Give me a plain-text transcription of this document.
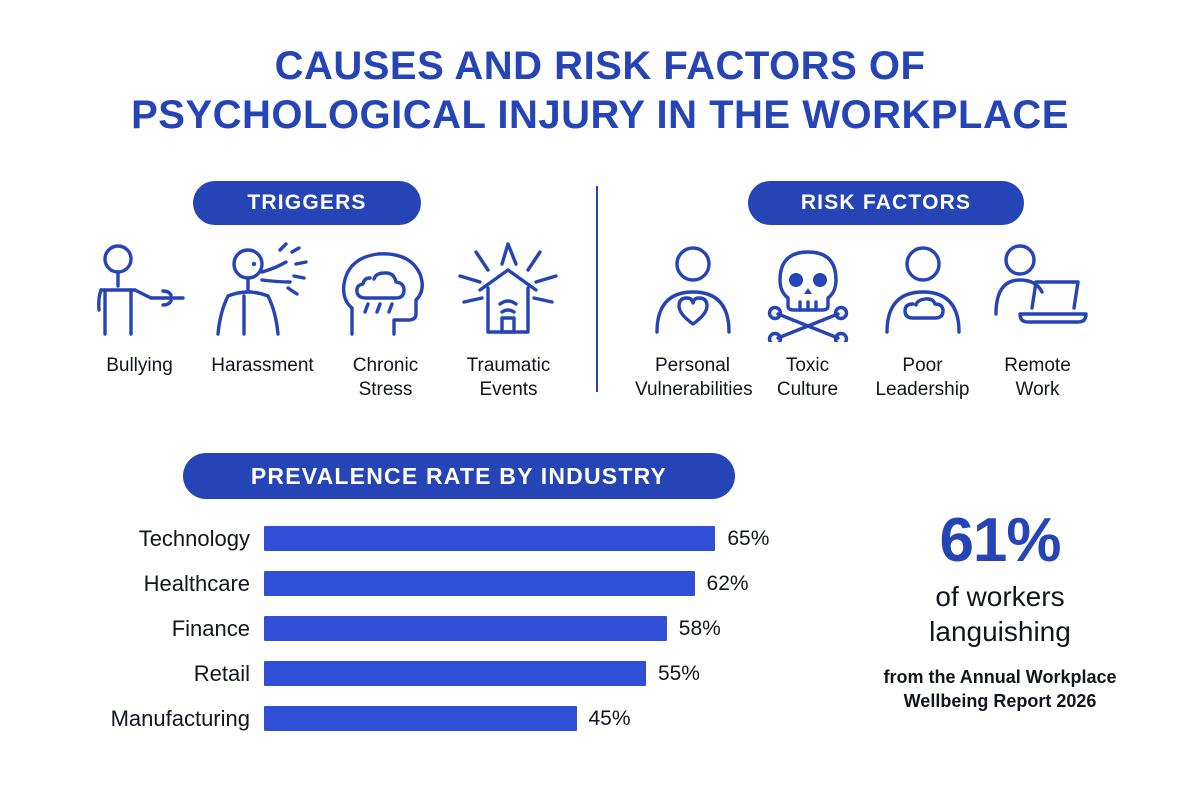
CAUSES AND RISK FACTORS OF
PSYCHOLOGICAL INJURY IN THE WORKPLACE
TRIGGERS
Bullying	Harassment	Chronic
Stress
Traumatic
Events
RISK FACTORS
Personal
Vulnerabilities
Toxic
Culture
Poor
Leadership
Remote
Work
PREVALENCE RATE BY INDUSTRY
Technology	65%
Healthcare	62%
Finance	58%
Retail	55%
Manufacturing	45%
61%
of workers
languishing
from the Annual Workplace
Wellbeing Report 2026
